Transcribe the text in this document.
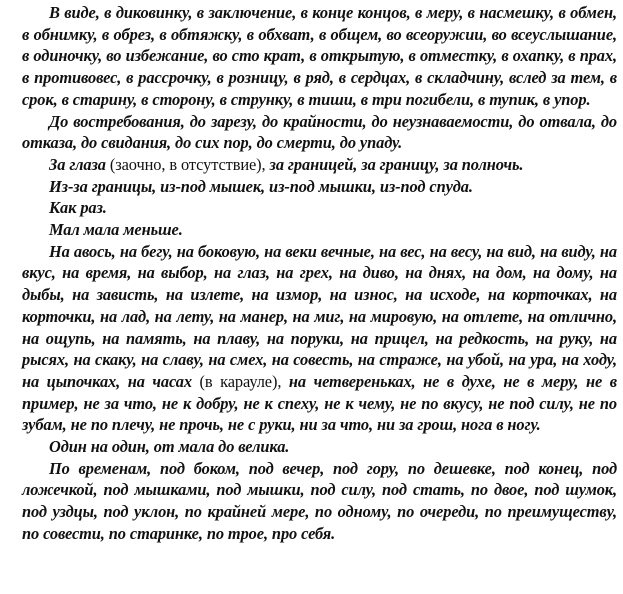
В виде, в диковинку, в заключение, в конце концов, в меру, в насмешку, в обмен, в обнимку, в обрез, в обтяжку, в обхват, в общем, во всеоружии, во всеуслышание, в одиночку, во избежание, во сто крат, в открытую, в отместку, в охапку, в прах, в противовес, в рассрочку, в розницу, в ряд, в сердцах, в складчину, вслед за тем, в срок, в старину, в сторону, в струнку, в тиши, в три погибели, в тупик, в упор.

До востребования, до зарезу, до крайности, до неузнаваемости, до отвала, до отказа, до свидания, до сих пор, до смерти, до упаду.

За глаза (заочно, в отсутствие), за границей, за границу, за полночь.

Из-за границы, из-под мышек, из-под мышки, из-под спуда.

Как раз.

Мал мала меньше.

На авось, на бегу, на боковую, на веки вечные, на вес, на весу, на вид, на виду, на вкус, на время, на выбор, на глаз, на грех, на диво, на днях, на дом, на дому, на дыбы, на зависть, на излете, на измор, на износ, на исходе, на корточках, на корточки, на лад, на лету, на манер, на миг, на мировую, на отлете, на отлично, на ощупь, на память, на плаву, на поруки, на прицел, на редкость, на руку, на рысях, на скаку, на славу, на смех, на совесть, на страже, на убой, на ура, на ходу, на цыпочках, на часах (в карауле), на четвереньках, не в духе, не в меру, не в пример, не за что, не к добру, не к спеху, не к чему, не по вкусу, не под силу, не по зубам, не по плечу, не прочь, не с руки, ни за что, ни за грош, нога в ногу.

Один на один, от мала до велика.

По временам, под боком, под вечер, под гору, по дешевке, под конец, под ложечкой, под мышками, под мышки, под силу, под стать, по двое, под шумок, под уздцы, под уклон, по крайней мере, по одному, по очереди, по преимуществу, по совести, по старинке, по трое, про себя.
